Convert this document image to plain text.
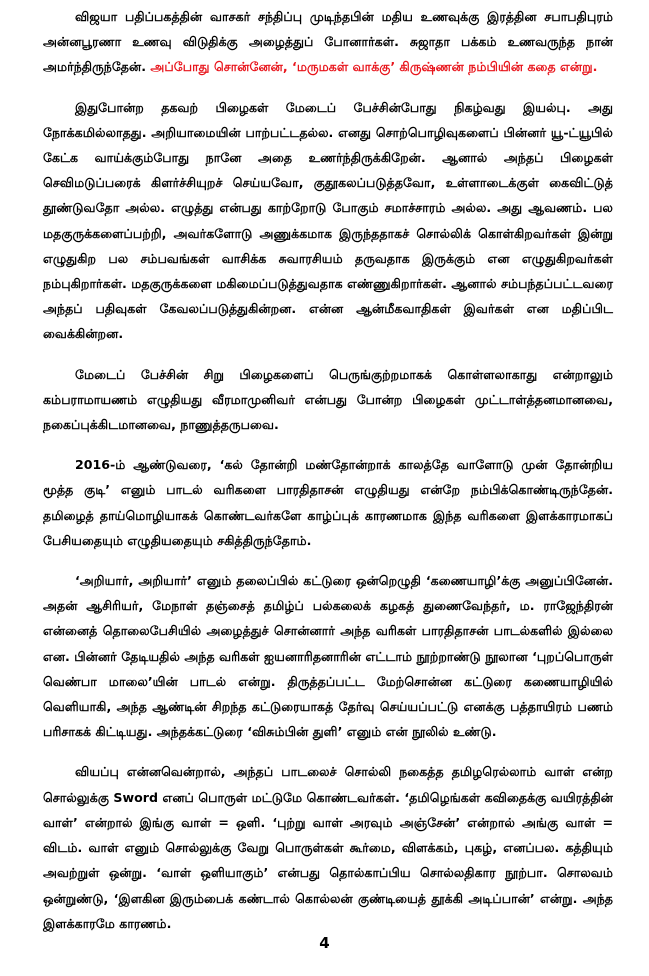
விஜயா பதிப்பகத்தின் வாசகர் சந்திப்பு முடிந்தபின் மதிய உணவுக்கு இரத்தின சபாபதிபுரம் அன்னபூரணா உணவு விடுதிக்கு அழைத்துப் போனார்கள். சுஜாதா பக்கம் உணவருந்த நான் அமர்ந்திருந்தேன். அப்போது சொன்னேன், ‘மருமகள் வாக்கு’ கிருஷ்ணன் நம்பியின் கதை என்று.

இதுபோன்ற தகவற் பிழைகள் மேடைப் பேச்சின்போது நிகழ்வது இயல்பு. அது நோக்கமில்லாதது. அறியாமையின் பாற்பட்டதல்ல. எனது சொற்பொழிவுகளைப் பின்னர் யூ-ட்யூபில் கேட்க வாய்க்கும்போது நானே அதை உணர்ந்திருக்கிறேன். ஆனால் அந்தப் பிழைகள் செவிமடுப்பரைக் கிளர்ச்சியுறச் செய்யவோ, குதூகலப்படுத்தவோ, உள்ளாடைக்குள் கைவிட்டுத் தூண்டுவதோ அல்ல. எழுத்து என்பது காற்றோடு போகும் சமாச்சாரம் அல்ல. அது ஆவணம். பல மதகுருக்களைப்பற்றி, அவர்களோடு அணுக்கமாக இருந்ததாகச் சொல்லிக் கொள்கிறவர்கள் இன்று எழுதுகிற பல சம்பவங்கள் வாசிக்க சுவாரசியம் தருவதாக இருக்கும் என எழுதுகிறவர்கள் நம்புகிறார்கள். மதகுருக்களை மகிமைப்படுத்துவதாக எண்ணுகிறார்கள். ஆனால் சம்பந்தப்பட்டவரை அந்தப் பதிவுகள் கேவலப்படுத்துகின்றன. என்ன ஆன்மீகவாதிகள் இவர்கள் என மதிப்பிட வைக்கின்றன.

மேடைப் பேச்சின் சிறு பிழைகளைப் பெருங்குற்றமாகக் கொள்ளலாகாது என்றாலும் கம்பராமாயணம் எழுதியது வீரமாமுனிவர் என்பது போன்ற பிழைகள் முட்டாள்த்தனமானவை, நகைப்புக்கிடமானவை, நாணுத்தருபவை.

2016-ம் ஆண்டுவரை, ‘கல் தோன்றி மண்தோன்றாக் காலத்தே வாளோடு முன் தோன்றிய மூத்த குடி’ எனும் பாடல் வரிகளை பாரதிதாசன் எழுதியது என்றே நம்பிக்கொண்டிருந்தேன். தமிழைத் தாய்மொழியாகக் கொண்டவர்களே காழ்ப்புக் காரணமாக இந்த வரிகளை இளக்காரமாகப் பேசியதையும் எழுதியதையும் சகித்திருந்தோம்.

‘அறியார், அறியார்’ எனும் தலைப்பில் கட்டுரை ஒன்றெழுதி ‘கணையாழி’க்கு அனுப்பினேன். அதன் ஆசிரியர், மேநாள் தஞ்சைத் தமிழ்ப் பல்கலைக் கழகத் துணைவேந்தர், ம. ராஜேந்திரன் என்னைத் தொலைபேசியில் அழைத்துச் சொன்னார் அந்த வரிகள் பாரதிதாசன் பாடல்களில் இல்லை என. பின்னர் தேடியதில் அந்த வரிகள் ஐயனாரிதனாரின் எட்டாம் நூற்றாண்டு நூலான ‘புறப்பொருள் வெண்பா மாலை’யின் பாடல் என்று. திருத்தப்பட்ட மேற்சொன்ன கட்டுரை கணையாழியில் வெளியாகி, அந்த ஆண்டின் சிறந்த கட்டுரையாகத் தேர்வு செய்யப்பட்டு எனக்கு பத்தாயிரம் பணம் பரிசாகக் கிட்டியது. அந்தக்கட்டுரை ‘விசும்பின் துளி’ எனும் என் நூலில் உண்டு.

வியப்பு என்னவென்றால், அந்தப் பாடலைச் சொல்லி நகைத்த தமிழரெல்லாம் வாள் என்ற சொல்லுக்கு Sword எனப் பொருள் மட்டுமே கொண்டவர்கள். ‘தமிழெங்கள் கவிதைக்கு வயிரத்தின் வாள்’ என்றால் இங்கு வாள் = ஒளி. ‘புற்று வாள் அரவும் அஞ்சேன்’ என்றால் அங்கு வாள் = விடம். வாள் எனும் சொல்லுக்கு வேறு பொருள்கள் கூர்மை, விளக்கம், புகழ், எனப்பல. கத்தியும் அவற்றுள் ஒன்று. ‘வாள் ஒளியாகும்’ என்பது தொல்காப்பிய சொல்லதிகார நூற்பா. சொலவம் ஒன்றுண்டு, ‘இளகின இரும்பைக் கண்டால் கொல்லன் குண்டியைத் தூக்கி அடிப்பான்’ என்று. அந்த இளக்காரமே காரணம்.

4
